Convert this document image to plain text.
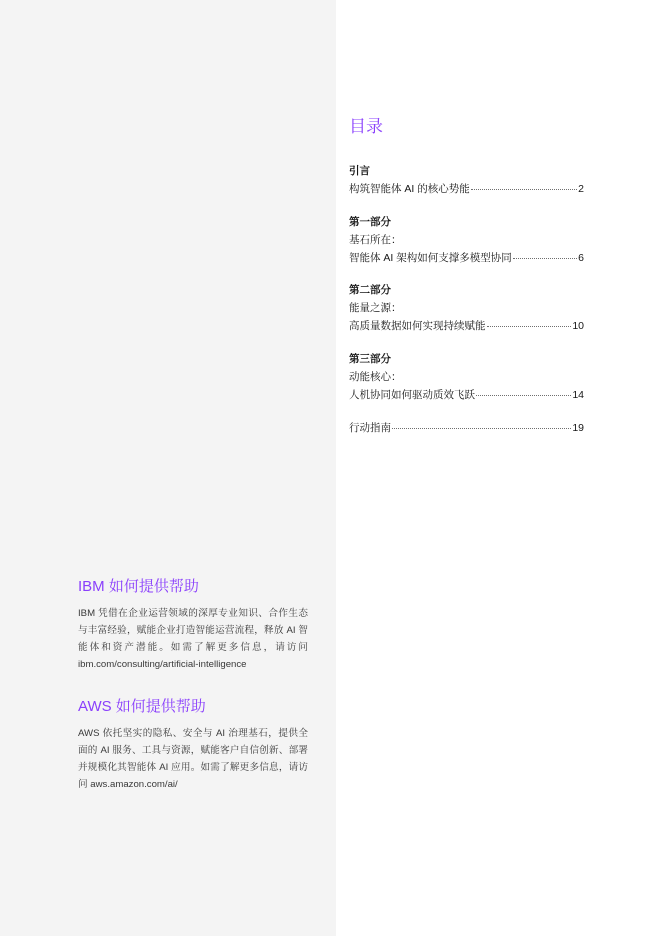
目录
引言
构筑智能体 AI 的核心势能	2
第一部分
基石所在：
智能体 AI 架构如何支撑多模型协同	6
第二部分
能量之源：
高质量数据如何实现持续赋能	10
第三部分
动能核心：
人机协同如何驱动质效飞跃	14
行动指南	19
IBM 如何提供帮助

IBM 凭借在企业运营领域的深厚专业知识、合作生态与丰富经验，赋能企业打造智能运营流程，释放 AI 智能体和资产潜能。如需了解更多信息，请访问 ibm.com/consulting/artificial-intelligence

AWS 如何提供帮助

AWS 依托坚实的隐私、安全与 AI 治理基石，提供全面的 AI 服务、工具与资源，赋能客户自信创新、部署并规模化其智能体 AI 应用。如需了解更多信息，请访问 aws.amazon.com/ai/
